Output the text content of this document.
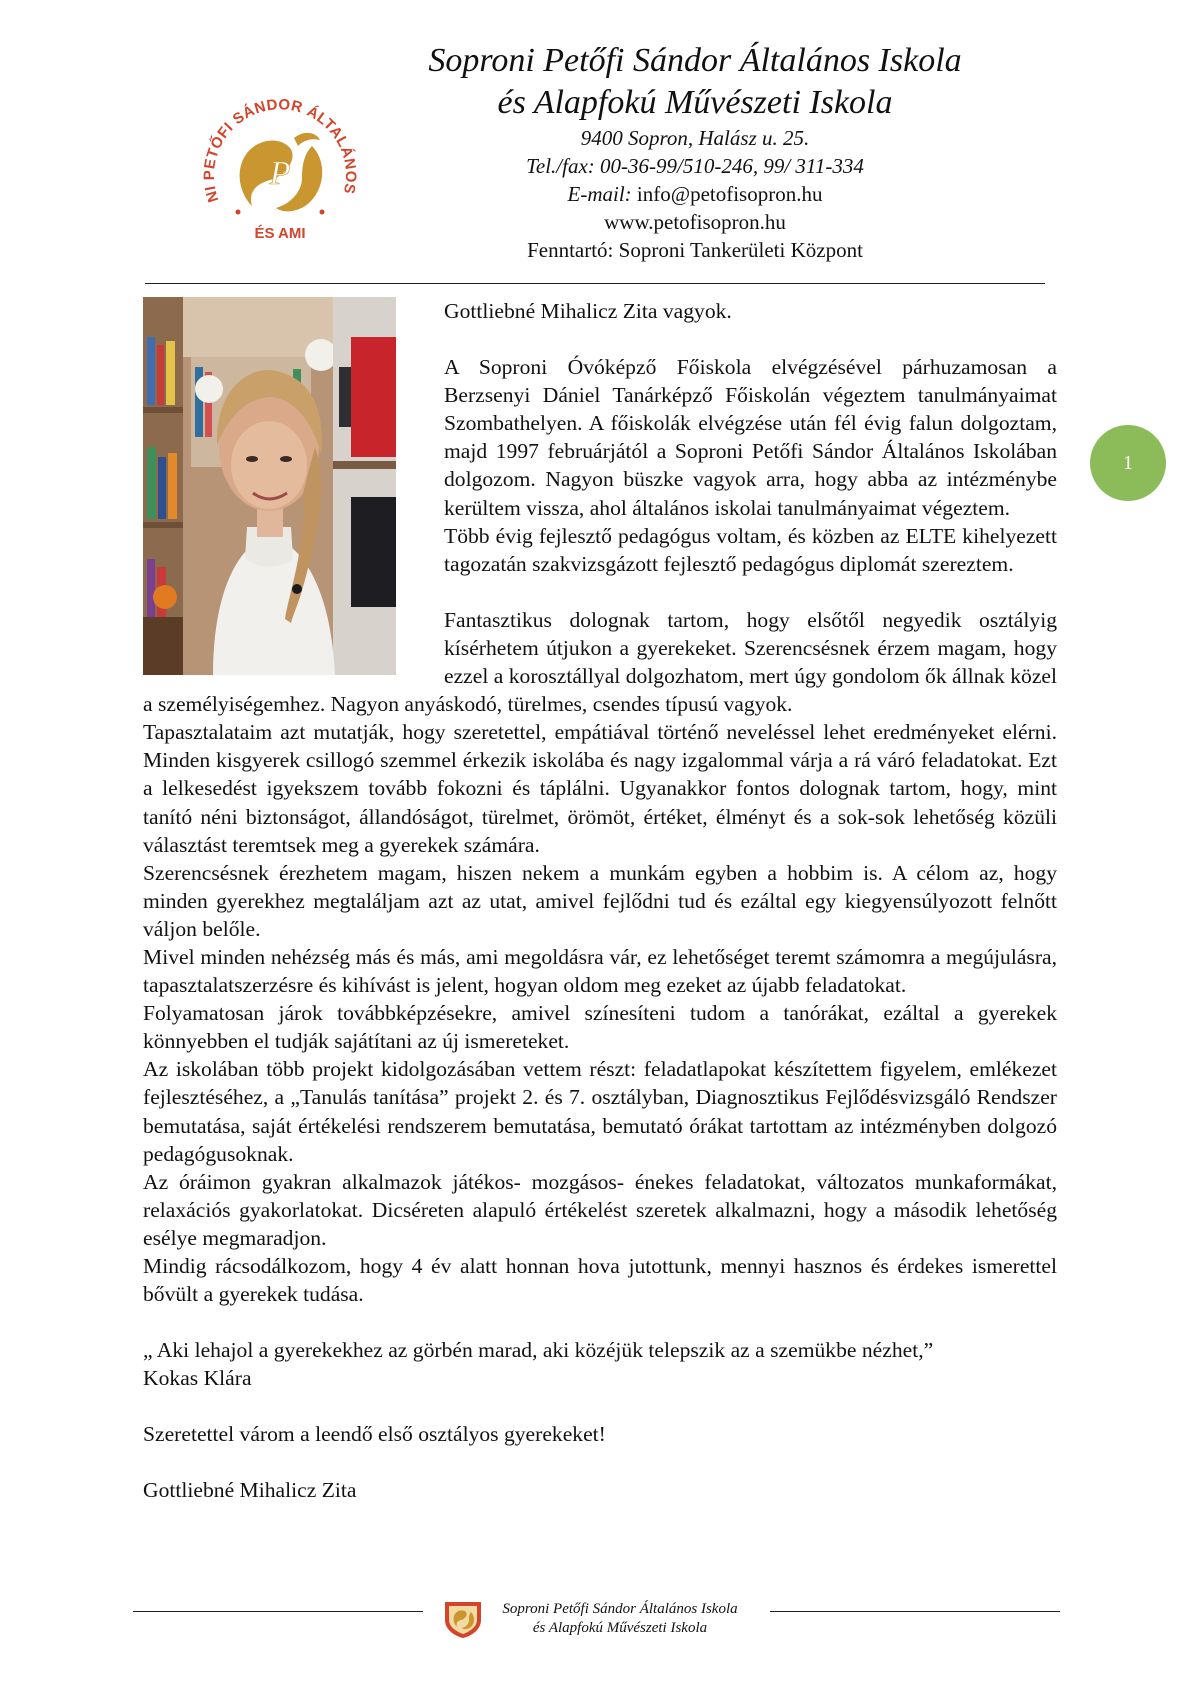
NI PETŐFI SÁNDOR ÁLTALÁNOS
P
ÉS AMI
Soproni Petőfi Sándor Általános Iskola
és Alapfokú Művészeti Iskola
9400 Sopron, Halász u. 25.
Tel./fax: 00-36-99/510-246, 99/ 311-334
E-mail: info@petofisopron.hu
www.petofisopron.hu
Fenntartó: Soproni Tankerületi Központ
1

Gottliebné Mihalicz Zita vagyok.

A Soproni Óvóképző Főiskola elvégzésével párhuzamosan a Berzsenyi Dániel Tanárképző Főiskolán végeztem tanulmányaimat Szombathelyen. A főiskolák elvégzése után fél évig falun dolgoztam, majd 1997 februárjától a Soproni Petőfi Sándor Általános Iskolában dolgozom. Nagyon büszke vagyok arra, hogy abba az intézménybe kerültem vissza, ahol általános iskolai tanulmányaimat végeztem.

Több évig fejlesztő pedagógus voltam, és közben az ELTE kihelyezett tagozatán szakvizsgázott fejlesztő pedagógus diplomát szereztem.

Fantasztikus dolognak tartom, hogy elsőtől negyedik osztályig kísérhetem útjukon a gyerekeket. Szerencsésnek érzem magam, hogy ezzel a korosztállyal dolgozhatom, mert úgy gondolom ők állnak közel a személyiségemhez. Nagyon anyáskodó, türelmes, csendes típusú vagyok.

Tapasztalataim azt mutatják, hogy szeretettel, empátiával történő neveléssel lehet eredményeket elérni. Minden kisgyerek csillogó szemmel érkezik iskolába és nagy izgalommal várja a rá váró feladatokat. Ezt a lelkesedést igyekszem tovább fokozni és táplálni. Ugyanakkor fontos dolognak tartom, hogy, mint tanító néni biztonságot, állandóságot, türelmet, örömöt, értéket, élményt és a sok-sok lehetőség közüli választást teremtsek meg a gyerekek számára.

Szerencsésnek érezhetem magam, hiszen nekem a munkám egyben a hobbim is. A célom az, hogy minden gyerekhez megtaláljam azt az utat, amivel fejlődni tud és ezáltal egy kiegyensúlyozott felnőtt váljon belőle.

Mivel minden nehézség más és más, ami megoldásra vár, ez lehetőséget teremt számomra a megújulásra, tapasztalatszerzésre és kihívást is jelent, hogyan oldom meg ezeket az újabb feladatokat.

Folyamatosan járok továbbképzésekre, amivel színesíteni tudom a tanórákat, ezáltal a gyerekek könnyebben el tudják sajátítani az új ismereteket.

Az iskolában több projekt kidolgozásában vettem részt: feladatlapokat készítettem figyelem, emlékezet fejlesztéséhez, a „Tanulás tanítása” projekt 2. és 7. osztályban, Diagnosztikus Fejlődésvizsgáló Rendszer bemutatása, saját értékelési rendszerem bemutatása, bemutató órákat tartottam az intézményben dolgozó pedagógusoknak.

Az óráimon gyakran alkalmazok játékos- mozgásos- énekes feladatokat, változatos munkaformákat, relaxációs gyakorlatokat. Dicséreten alapuló értékelést szeretek alkalmazni, hogy a második lehetőség esélye megmaradjon.

Mindig rácsodálkozom, hogy 4 év alatt honnan hova jutottunk, mennyi hasznos és érdekes ismerettel bővült a gyerekek tudása.

„ Aki lehajol a gyerekekhez az görbén marad, aki közéjük telepszik az a szemükbe nézhet,”

Kokas Klára

Szeretettel várom a leendő első osztályos gyerekeket!

Gottliebné Mihalicz Zita

Soproni Petőfi Sándor Általános Iskola
és Alapfokú Művészeti Iskola
